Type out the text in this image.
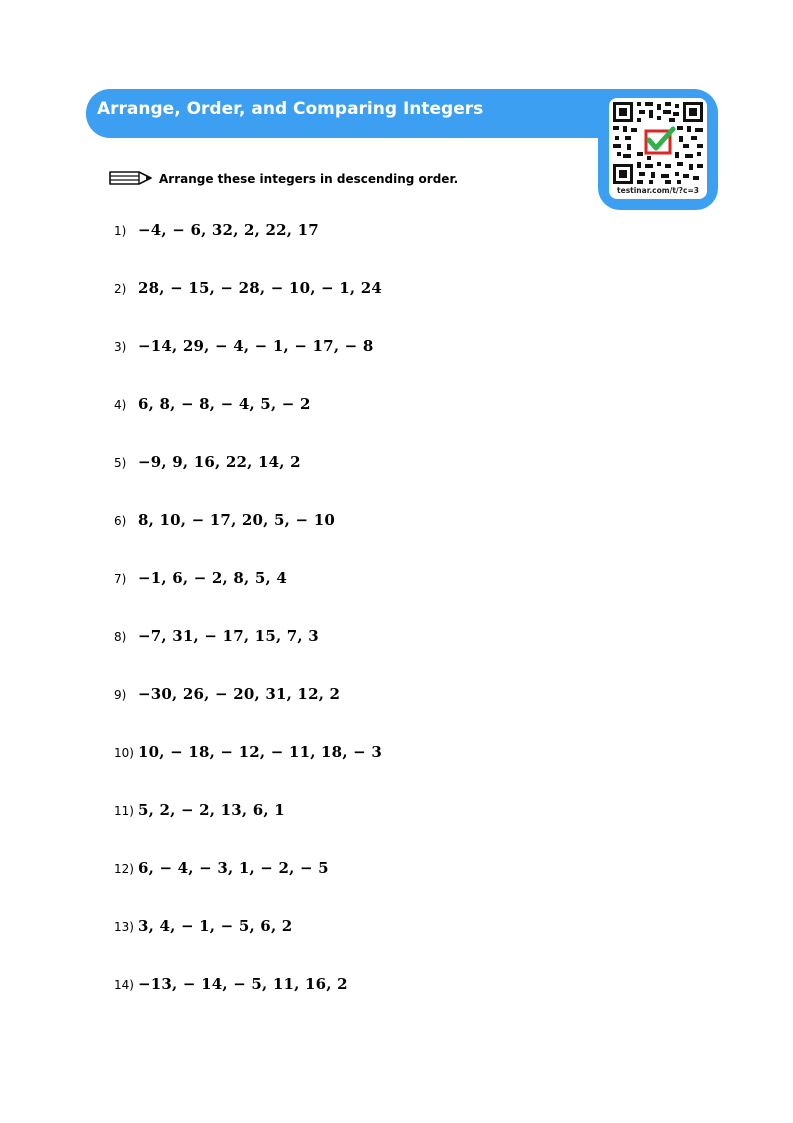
Arrange, Order, and Comparing Integers
testinar.com/t/?c=3
Arrange these integers in descending order.
1) −4, − 6, 32, 2, 22, 17
2) 28, − 15, − 28, − 10, − 1, 24
3) −14, 29, − 4, − 1, − 17, − 8
4) 6, 8, − 8, − 4, 5, − 2
5) −9, 9, 16, 22, 14, 2
6) 8, 10, − 17, 20, 5, − 10
7) −1, 6, − 2, 8, 5, 4
8) −7, 31, − 17, 15, 7, 3
9) −30, 26, − 20, 31, 12, 2
10) 10, − 18, − 12, − 11, 18, − 3
11) 5, 2, − 2, 13, 6, 1
12) 6, − 4, − 3, 1, − 2, − 5
13) 3, 4, − 1, − 5, 6, 2
14) −13, − 14, − 5, 11, 16, 2
